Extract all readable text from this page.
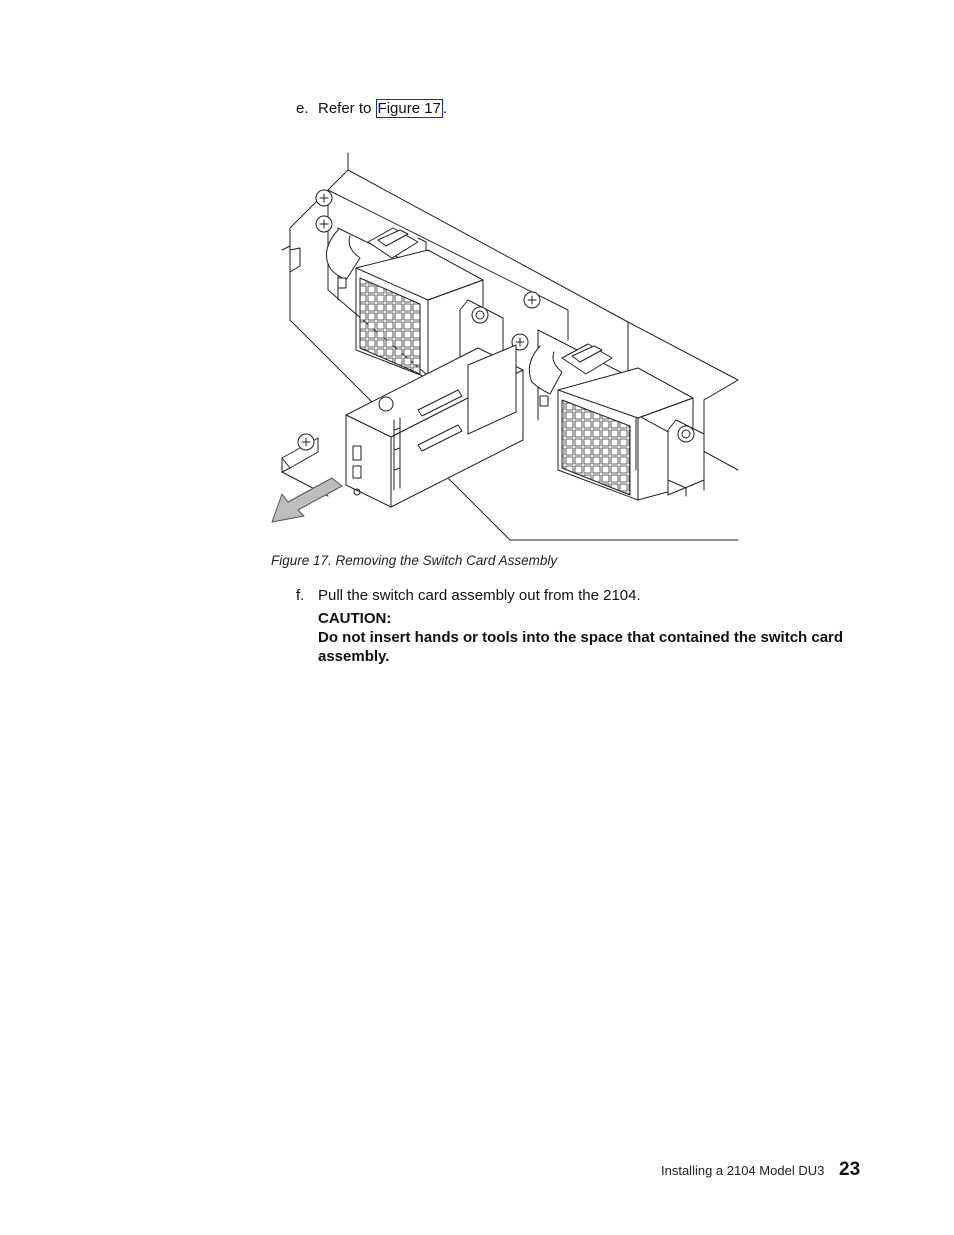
e. Refer to Figure 17 .
Figure 17. Removing the Switch Card Assembly
f. Pull the switch card assembly out from the 2104.
CAUTION:
Do not insert hands or tools into the space that contained the switch card assembly.
Installing a 2104 Model DU3 23
